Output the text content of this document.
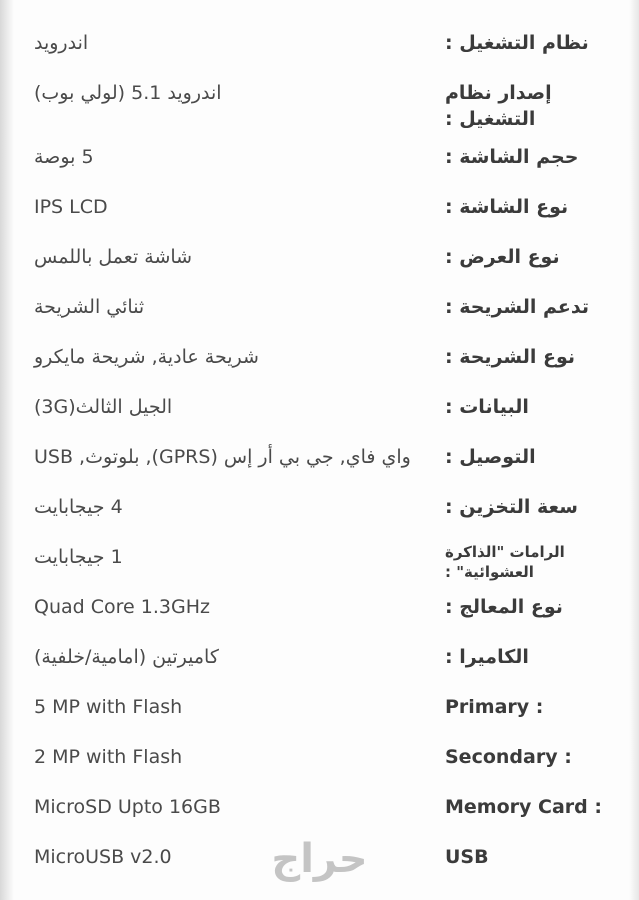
نظام التشغيل :
اندرويد
إصدار نظام التشغيل :
اندرويد 5.1 (لولي بوب)
حجم الشاشة :
5 بوصة
نوع الشاشة :
IPS LCD
نوع العرض :
شاشة تعمل باللمس
تدعم الشريحة :
ثنائي الشريحة
نوع الشريحة :
شريحة عادية, شريحة مايكرو
البيانات :
الجيل الثالث(3G)
التوصيل :
واي فاي, جي بي أر إس (GPRS), بلوتوث, USB
سعة التخزين :
4 جيجابايت
الرامات "الذاكرة العشوائية" :
1 جيجابايت
نوع المعالج :
Quad Core 1.3GHz
الكاميرا :
كاميرتين (امامية/خلفية)
Primary :
5 MP with Flash
Secondary :
2 MP with Flash
Memory Card :
MicroSD Upto 16GB
USB
MicroUSB v2.0	حراج
